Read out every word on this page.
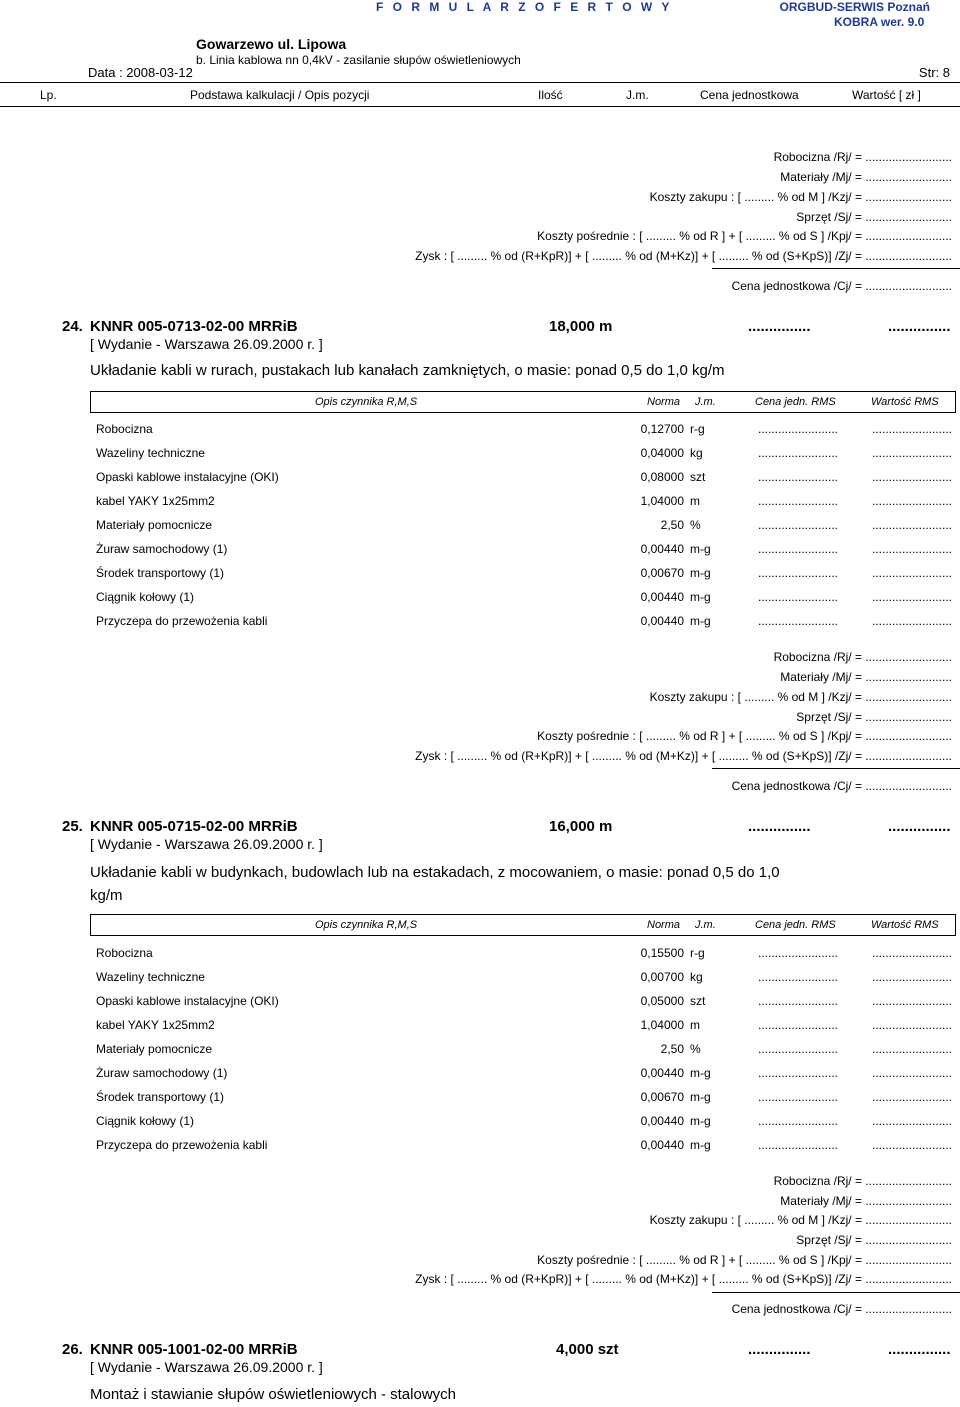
F O R M U L A R Z O F E R T O W Y	ORGBUD-SERWIS Poznań
KOBRA wer. 9.0
Gowarzewo ul. Lipowa
b. Linia kablowa nn 0,4kV - zasilanie słupów oświetleniowych
Data : 2008-03-12	Str: 8
Lp.	Podstawa kalkulacji / Opis pozycji	Ilość	J.m.	Cena jednostkowa	Wartość [ zł ]
Robocizna /Rj/ = ..........................
Materiały /Mj/ = ..........................
Koszty zakupu : [ ......... % od M ] /Kzj/ = ..........................
Sprzęt /Sj/ = ..........................
Koszty pośrednie : [ ......... % od R ] + [ ......... % od S ] /Kpj/ = ..........................
Zysk : [ ......... % od (R+KpR)] + [ ......... % od (M+Kz)] + [ ......... % od (S+KpS)] /Zj/ = ..........................
Cena jednostkowa /Cj/ = ..........................
24. KNNR 005-0713-02-00 MRRiB	18,000 m	...............	...............
[ Wydanie - Warszawa 26.09.2000 r. ]
Układanie kabli w rurach, pustakach lub kanałach zamkniętych, o masie: ponad 0,5 do 1,0 kg/m
Opis czynnika R,M,S	Norma J.m.	Cena jedn. RMS	Wartość RMS
Robocizna	0,12700 r-g	........................	........................
Wazeliny techniczne	0,04000 kg	........................	........................
Opaski kablowe instalacyjne (OKI)	0,08000 szt	........................	........................
kabel YAKY 1x25mm2	1,04000 m	........................	........................
Materiały pomocnicze	2,50 %	........................	........................
Żuraw samochodowy (1)	0,00440 m-g	........................	........................
Środek transportowy (1)	0,00670 m-g	........................	........................
Ciągnik kołowy (1)	0,00440 m-g	........................	........................
Przyczepa do przewożenia kabli	0,00440 m-g	........................	........................
Robocizna /Rj/ = ..........................
Materiały /Mj/ = ..........................
Koszty zakupu : [ ......... % od M ] /Kzj/ = ..........................
Sprzęt /Sj/ = ..........................
Koszty pośrednie : [ ......... % od R ] + [ ......... % od S ] /Kpj/ = ..........................
Zysk : [ ......... % od (R+KpR)] + [ ......... % od (M+Kz)] + [ ......... % od (S+KpS)] /Zj/ = ..........................
Cena jednostkowa /Cj/ = ..........................
25. KNNR 005-0715-02-00 MRRiB	16,000 m	...............	...............
[ Wydanie - Warszawa 26.09.2000 r. ]
Układanie kabli w budynkach, budowlach lub na estakadach, z mocowaniem, o masie: ponad 0,5 do 1,0
kg/m
Opis czynnika R,M,S	Norma J.m.	Cena jedn. RMS	Wartość RMS
Robocizna	0,15500 r-g	........................	........................
Wazeliny techniczne	0,00700 kg	........................	........................
Opaski kablowe instalacyjne (OKI)	0,05000 szt	........................	........................
kabel YAKY 1x25mm2	1,04000 m	........................	........................
Materiały pomocnicze	2,50 %	........................	........................
Żuraw samochodowy (1)	0,00440 m-g	........................	........................
Środek transportowy (1)	0,00670 m-g	........................	........................
Ciągnik kołowy (1)	0,00440 m-g	........................	........................
Przyczepa do przewożenia kabli	0,00440 m-g	........................	........................
Robocizna /Rj/ = ..........................
Materiały /Mj/ = ..........................
Koszty zakupu : [ ......... % od M ] /Kzj/ = ..........................
Sprzęt /Sj/ = ..........................
Koszty pośrednie : [ ......... % od R ] + [ ......... % od S ] /Kpj/ = ..........................
Zysk : [ ......... % od (R+KpR)] + [ ......... % od (M+Kz)] + [ ......... % od (S+KpS)] /Zj/ = ..........................
Cena jednostkowa /Cj/ = ..........................
26. KNNR 005-1001-02-00 MRRiB	4,000 szt	...............	...............
[ Wydanie - Warszawa 26.09.2000 r. ]
Montaż i stawianie słupów oświetleniowych - stalowych
